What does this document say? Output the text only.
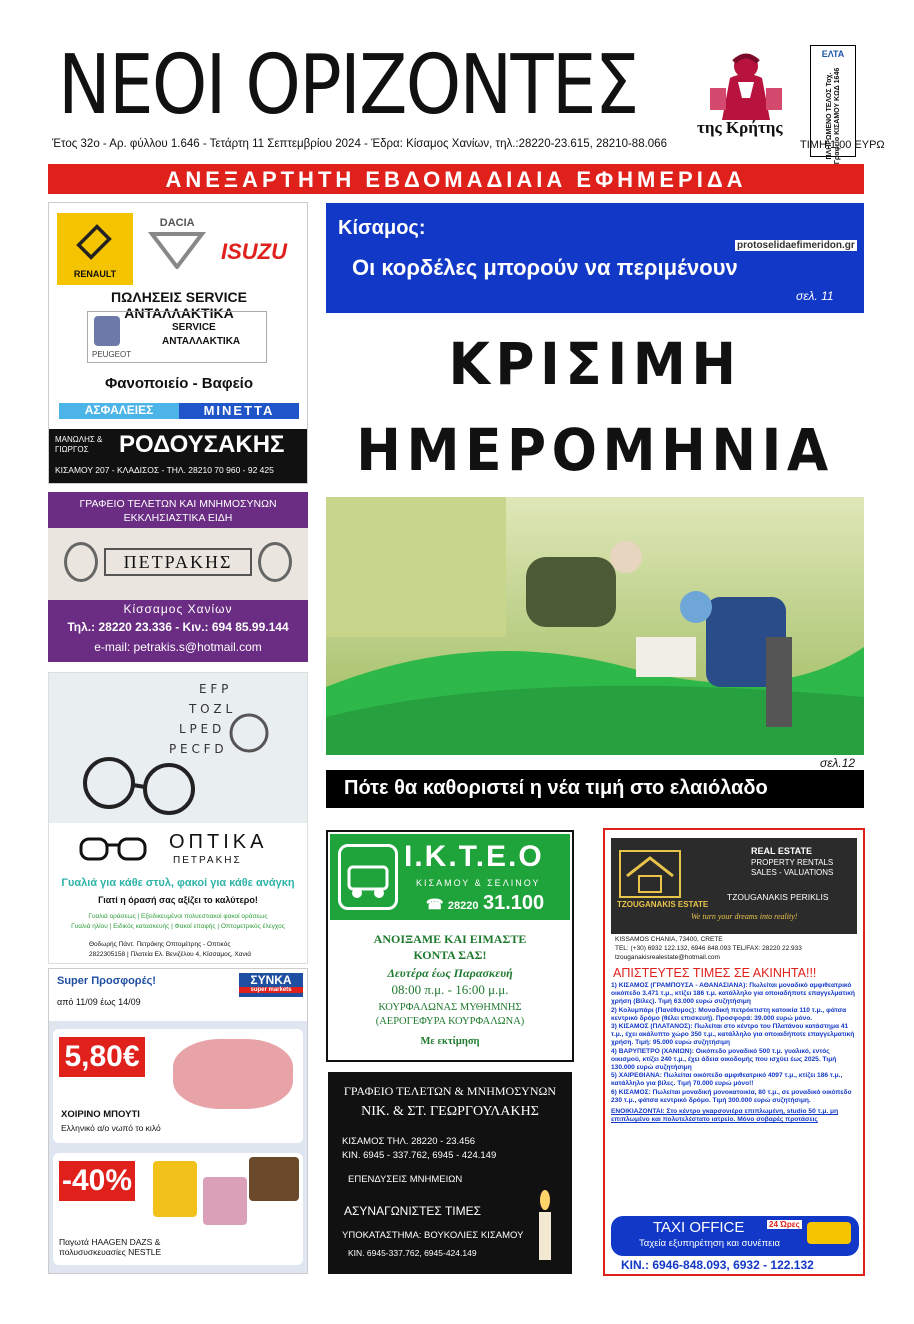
ΝΕΟΙ ΟΡΙΖΟΝΤΕΣ	της Κρήτης
ΕΛΤΑ
ΠΛΗΡΩΜΕΝΟ ΤΕΛΟΣ Ταχ. Γραφείο ΚΙΣΑΜΟΥ ΚΩΔ 1646
Έτος 32ο - Αρ. φύλλου 1.646 - Τετάρτη 11 Σεπτεμβρίου 2024 - Έδρα: Κίσαμος Χανίων, τηλ.:28220-23.615, 28210-88.066	ΤΙΜΗ 1,00 ΕΥΡΩ
ΑΝΕΞΑΡΤΗΤΗ ΕΒΔΟΜΑΔΙΑΙΑ ΕΦΗΜΕΡΙΔΑ
RENAULT
DACIA
ISUZU
ΠΩΛΗΣΕΙΣ SERVICE ΑΝΤΑΛΛΑΚΤΙΚΑ
PEUGEOT
SERVICE
ΑΝΤΑΛΛΑΚΤΙΚΑ
Φανοποιείο - Βαφείο
ΑΣΦΑΛΕΙΕΣ	ΜΙΝΕΤΤΑ
ΜΑΝΩΛΗΣ & ΓΙΩΡΓΟΣ	ΡΟΔΟΥΣΑΚΗΣ
ΚΙΣΑΜΟΥ 207 - ΚΛΑΔΙΣΟΣ - ΤΗΛ. 28210 70 960 - 92 425
ΓΡΑΦΕΙΟ ΤΕΛΕΤΩΝ ΚΑΙ ΜΝΗΜΟΣΥΝΩΝ
ΕΚΚΛΗΣΙΑΣΤΙΚΑ ΕΙΔΗ
ΠΕΤΡΑΚΗΣ
Κίσσαμος Χανίων
Τηλ.: 28220 23.336 - Κιν.: 694 85.99.144
e-mail: petrakis.s@hotmail.com
E F P
T O Z L
L P E D
P E C F D
ΟΠΤΙΚΑ
ΠΕΤΡΑΚΗΣ
Γυαλιά για κάθε στυλ, φακοί για κάθε ανάγκη
Γιατί η όρασή σας αξίζει το καλύτερο!
Γυαλιά οράσεως | Εξειδικευμένοι πολυεστιακοί φακοί οράσεως
Γυαλιά ηλίου | Ειδικός κατασκευής | Φακοί επαφής | Οπτομετρικός έλεγχος
Θοδωρής Πάντ. Πετράκης Οπτομέτρης - Οπτικός
2822305158 | Πλατεία Ελ. Βενιζέλου 4, Κίσσαμος, Χανιά
Super Προσφορές!	ΣΥΝΚΑ
super markets
από 11/09 έως 14/09
5,80€
ΧΟΙΡΙΝΟ ΜΠΟΥΤΙ
Ελληνικό α/ο νωπό το κιλό
-40%
Παγωτά HAAGEN DAZS & πολυσυσκευασίες NESTLE
Κίσαμος:
Οι κορδέλες μπορούν να περιμένουν
σελ. 11
protoselidaefimeridon.gr
ΚΡΙΣΙΜΗ
ΗΜΕΡΟΜΗΝΙΑ
σελ.12
Πότε θα καθοριστεί η νέα τιμή στο ελαιόλαδο
Ι.Κ.Τ.Ε.Ο
ΚΙΣΑΜΟΥ & ΣΕΛΙΝΟΥ
☎ 28220 31.100
ΑΝΟΙΞΑΜΕ ΚΑΙ ΕΙΜΑΣΤΕ
ΚΟΝΤΑ ΣΑΣ!
Δευτέρα έως Παρασκευή
08:00 π.μ. - 16:00 μ.μ.
ΚΟΥΡΦΑΛΩΝΑΣ ΜΥΘΗΜΝΗΣ
(ΑΕΡΟΓΕΦΥΡΑ ΚΟΥΡΦΑΛΩΝΑ)
Με εκτίμηση
ΓΡΑΦΕΙΟ ΤΕΛΕΤΩΝ & ΜΝΗΜΟΣΥΝΩΝ
ΝΙΚ. & ΣΤ. ΓΕΩΡΓΟΥΛΑΚΗΣ
ΚΙΣΑΜΟΣ ΤΗΛ. 28220 - 23.456
ΚΙΝ. 6945 - 337.762, 6945 - 424.149
ΕΠΕΝΔΥΣΕΙΣ ΜΝΗΜΕΙΩΝ
ΑΣΥΝΑΓΩΝΙΣΤΕΣ ΤΙΜΕΣ
ΥΠΟΚΑΤΑΣΤΗΜΑ: ΒΟΥΚΟΛΙΕΣ ΚΙΣΑΜΟΥ
ΚΙΝ. 6945-337.762, 6945-424.149
TZOUGANAKIS ESTATE
REAL ESTATE
PROPERTY RENTALS
SALES - VALUATIONS
TZOUGANAKIS PERIKLIS
We turn your dreams into reality!
KISSAMOS CHANIA, 73400, CRETE
TEL: (+30) 6932 122.132, 6946 848.093 TEL/FAX: 28220 22.933
tzouganakisrealestate@hotmail.com
ΑΠΙΣΤΕΥΤΕΣ ΤΙΜΕΣ ΣΕ ΑΚΙΝΗΤΑ!!!
1) ΚΙΣΑΜΟΣ (ΓΡΑΜΠΟΥΣΑ - ΑΘΑΝΑΣΙΑΝΑ): Πωλείται μοναδικό αμφιθεατρικό οικόπεδο 3.471 τ.μ., κτίζει 186 τ.μ. κατάλληλο για οποιαδήποτε επαγγελματική χρήση (Βίλες). Τιμή 63.000 ευρώ συζητήσιμη
2) Κολυμπάρι (Πανέθυμος): Μοναδική πετρόκτιστη κατοικία 110 τ.μ., φάτσα κεντρικό δρόμο (θέλει επισκευή). Προσφορά: 39.000 ευρώ μόνο.
3) ΚΙΣΑΜΟΣ (ΠΛΑΤΑΝΟΣ): Πωλείται στο κέντρο του Πλατάνου κατάστημα 41 τ.μ., έχει ακάλυπτο χώρο 350 τ.μ., κατάλληλο για οποιαδήποτε επαγγελματική χρήση. Τιμή: 95.000 ευρώ συζητήσιμη
4) ΒΑΡΥΠΕΤΡΟ (ΧΑΝΙΩΝ): Οικόπεδο μοναδικό 500 τ.μ. γυαλικό, εντός οικισμού, κτίζει 240 τ.μ., έχει άδεια οικοδομής που ισχύει έως 2025. Τιμή 130.000 ευρώ συζητήσιμη
5) ΧΑΙΡΕΘΙΑΝΑ: Πωλείται οικόπεδο αμφιθεατρικό 4097 τ.μ., κτίζει 186 τ.μ., κατάλληλο για βίλες. Τιμή 70.000 ευρώ μόνο!!
6) ΚΙΣΑΜΟΣ: Πωλείται μοναδική μονοκατοικία, 80 τ.μ., σε μοναδικό οικόπεδο 230 τ.μ., φάτσα κεντρικό δρόμο. Τιμή 300.000 ευρώ συζητήσιμη.
ΕΝΟΙΚΙΑΖΟΝΤΑΙ: Στο κέντρο γκαρσονιέρα επιπλωμένη, studio 50 τ.μ. μη επιπλωμένο και πολυτελέστατο ιατρείο. Μόνο σοβαρές προτάσεις
TAXI OFFICE	24 Ώρες
Ταχεία εξυπηρέτηση και συνέπεια
ΚΙΝ.: 6946-848.093, 6932 - 122.132
